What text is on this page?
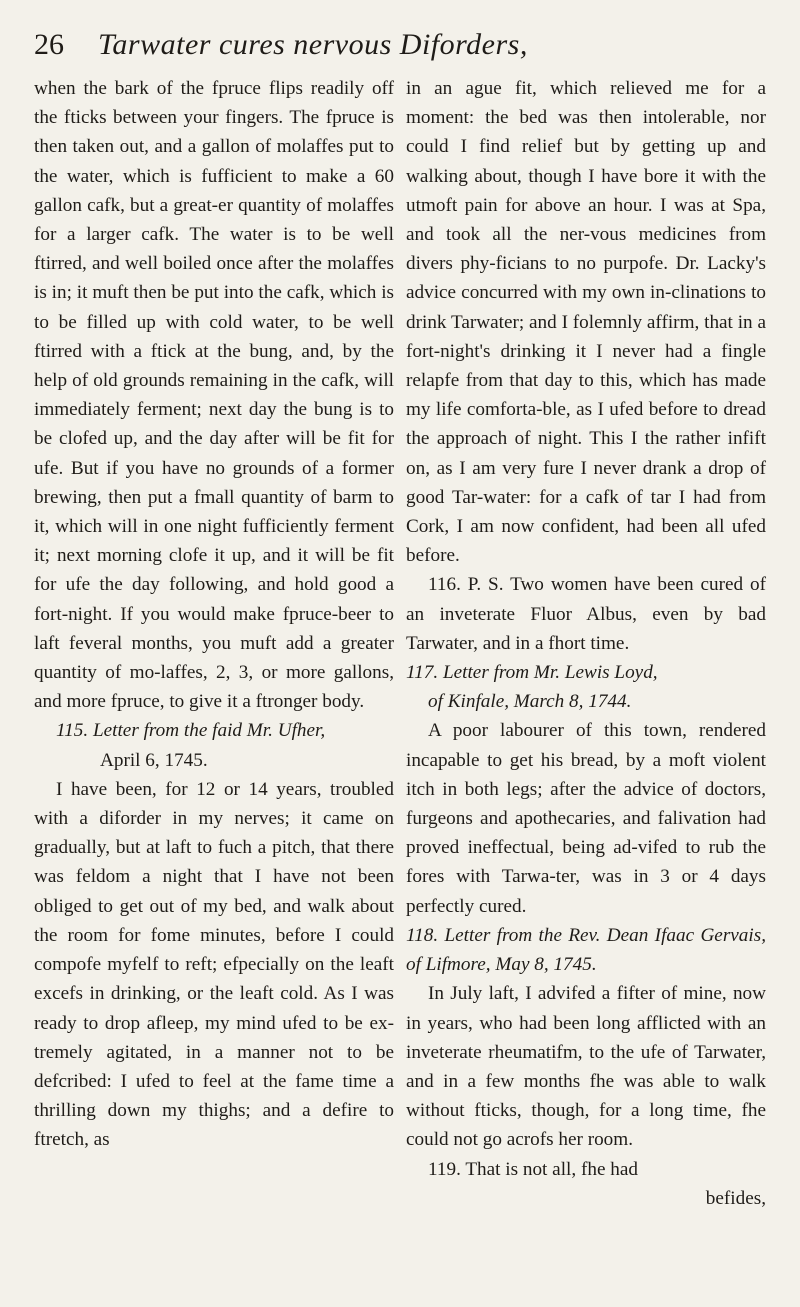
26	Tarwater cures nervous Diforders,

when the bark of the fpruce flips readily off the fticks between your fingers. The fpruce is then taken out, and a gallon of molaffes put to the water, which is fufficient to make a 60 gallon cafk, but a great-er quantity of molaffes for a larger cafk. The water is to be well ftirred, and well boiled once after the molaffes is in; it muft then be put into the cafk, which is to be filled up with cold water, to be well ftirred with a ftick at the bung, and, by the help of old grounds remaining in the cafk, will immediately ferment; next day the bung is to be clofed up, and the day after will be fit for ufe. But if you have no grounds of a former brewing, then put a fmall quantity of barm to it, which will in one night fufficiently ferment it; next morning clofe it up, and it will be fit for ufe the day following, and hold good a fort-night. If you would make fpruce-beer to laft feveral months, you muft add a greater quantity of mo-laffes, 2, 3, or more gallons, and more fpruce, to give it a ftronger body.

115. Letter from the faid Mr. Ufher,

April 6, 1745.

I have been, for 12 or 14 years, troubled with a diforder in my nerves; it came on gradually, but at laft to fuch a pitch, that there was feldom a night that I have not been obliged to get out of my bed, and walk about the room for fome minutes, before I could compofe myfelf to reft; efpecially on the leaft excefs in drinking, or the leaft cold. As I was ready to drop afleep, my mind ufed to be ex-tremely agitated, in a manner not to be defcribed: I ufed to feel at the fame time a thrilling down my thighs; and a defire to ftretch, as

in an ague fit, which relieved me for a moment: the bed was then intolerable, nor could I find relief but by getting up and walking about, though I have bore it with the utmoft pain for above an hour. I was at Spa, and took all the ner-vous medicines from divers phy-ficians to no purpofe. Dr. Lacky's advice concurred with my own in-clinations to drink Tarwater; and I folemnly affirm, that in a fort-night's drinking it I never had a fingle relapfe from that day to this, which has made my life comforta-ble, as I ufed before to dread the approach of night. This I the rather infift on, as I am very fure I never drank a drop of good Tar-water: for a cafk of tar I had from Cork, I am now confident, had been all ufed before.

116. P. S. Two women have been cured of an inveterate Fluor Albus, even by bad Tarwater, and in a fhort time.

117. Letter from Mr. Lewis Loyd,

of Kinfale, March 8, 1744.

A poor labourer of this town, rendered incapable to get his bread, by a moft violent itch in both legs; after the advice of doctors, furgeons and apothecaries, and falivation had proved ineffectual, being ad-vifed to rub the fores with Tarwa-ter, was in 3 or 4 days perfectly cured.

118. Letter from the Rev. Dean Ifaac Gervais, of Lifmore, May 8, 1745.

In July laft, I advifed a fifter of mine, now in years, who had been long afflicted with an inveterate rheumatifm, to the ufe of Tarwater, and in a few months fhe was able to walk without fticks, though, for a long time, fhe could not go acrofs her room.

119. That is not all, fhe had

befides,
